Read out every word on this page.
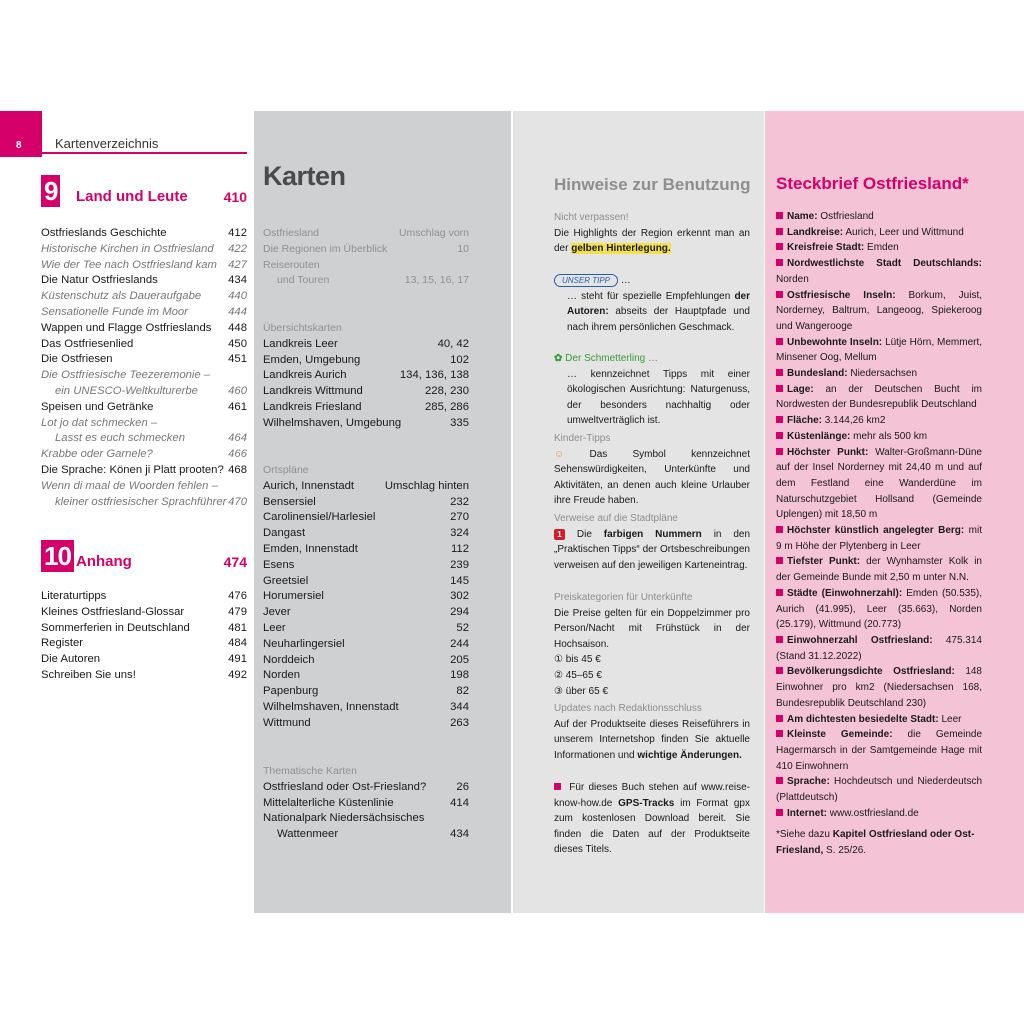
8	Kartenverzeichnis
9 Land und Leute	410
Ostfrieslands Geschichte	412
Historische Kirchen in Ostfriesland 422
Wie der Tee nach Ostfriesland kam 427
Die Natur Ostfrieslands	434
Küstenschutz als Daueraufgabe 440
Sensationelle Funde im Moor	444
Wappen und Flagge Ostfrieslands 448
Das Ostfriesenlied	450
Die Ostfriesen	451
Die Ostfriesische Teezeremonie –
ein UNESCO-Weltkulturerbe	460
Speisen und Getränke	461
Lot jo dat schmecken –
Lasst es euch schmecken	464
Krabbe oder Garnele?	466
Die Sprache: Könen ji Platt prooten? 468
Wenn di maal de Woorden fehlen –
kleiner ostfriesischer Sprachführer 470
10 Anhang	474
Literaturtipps	476
Kleines Ostfriesland-Glossar	479
Sommerferien in Deutschland	481
Register	484
Die Autoren	491
Schreiben Sie uns!	492
Karten
Ostfriesland	Umschlag vorn
Die Regionen im Überblick	10
Reiserouten
und Touren	13, 15, 16, 17
Übersichtskarten
Landkreis Leer	40, 42
Emden, Umgebung	102
Landkreis Aurich	134, 136, 138
Landkreis Wittmund	228, 230
Landkreis Friesland	285, 286
Wilhelmshaven, Umgebung	335
Ortspläne
Aurich, Innenstadt	Umschlag hinten
Bensersiel	232
Carolinensiel/Harlesiel	270
Dangast	324
Emden, Innenstadt	112
Esens	239
Greetsiel	145
Horumersiel	302
Jever	294
Leer	52
Neuharlingersiel	244
Norddeich	205
Norden	198
Papenburg	82
Wilhelmshaven, Innenstadt	344
Wittmund	263
Thematische Karten
Ostfriesland oder Ost-Friesland?	26
Mittelalterliche Küstenlinie	414
Nationalpark Niedersächsisches
Wattenmeer	434
Hinweise zur Benutzung
Nicht verpassen!
Die Highlights der Region erkennt man an der gelben Hinterlegung.
UNSER TIPP …
… steht für spezielle Empfehlungen der Autoren: abseits der Hauptpfade und nach ihrem persönlichen Geschmack.
✿ Der Schmetterling …
… kennzeichnet Tipps mit einer ökologischen Ausrichtung: Naturgenuss, der besonders nachhaltig oder umweltverträglich ist.
Kinder-Tipps
☺	Das Symbol kennzeichnet Sehenswürdigkeiten, Unterkünfte und Aktivitäten, an denen auch kleine Urlauber ihre Freude haben.
Verweise auf die Stadtpläne
1 Die farbigen Nummern in den „Praktischen Tipps“ der Ortsbeschreibungen verweisen auf den jeweiligen Karteneintrag.
Preiskategorien für Unterkünfte
Die Preise gelten für ein Doppelzimmer pro Person/Nacht mit Frühstück in der Hochsaison.
① bis 45 €
② 45–65 €
③ über 65 €
Updates nach Redaktionsschluss
Auf der Produktseite dieses Reiseführers in unserem Internetshop finden Sie aktuelle Informationen und wichtige Änderungen.
Für dieses Buch stehen auf www.reise-know-how.de GPS-Tracks im Format gpx zum kostenlosen Download bereit. Sie finden die Daten auf der Produktseite dieses Titels.
Steckbrief Ostfriesland*
Name: Ostfriesland
Landkreise: Aurich, Leer und Wittmund
Kreisfreie Stadt: Emden
Nordwestlichste Stadt Deutschlands: Norden
Ostfriesische Inseln: Borkum, Juist, Norderney, Baltrum, Langeoog, Spiekeroog und Wangerooge
Unbewohnte Inseln: Lütje Hörn, Memmert, Minsener Oog, Mellum
Bundesland: Niedersachsen
Lage: an der Deutschen Bucht im Nordwesten der Bundesrepublik Deutschland
Fläche: 3.144,26 km2
Küstenlänge: mehr als 500 km
Höchster Punkt: Walter-Großmann-Düne auf der Insel Norderney mit 24,40 m und auf dem Festland eine Wanderdüne im Naturschutzgebiet Hollsand (Gemeinde Uplengen) mit 18,50 m
Höchster künstlich angelegter Berg: mit 9 m Höhe der Plytenberg in Leer
Tiefster Punkt: der Wynhamster Kolk in der Gemeinde Bunde mit 2,50 m unter N.N.
Städte (Einwohnerzahl): Emden (50.535), Aurich (41.995), Leer (35.663), Norden (25.179), Wittmund (20.773)
Einwohnerzahl Ostfriesland: 475.314 (Stand 31.12.2022)
Bevölkerungsdichte Ostfriesland: 148 Einwohner pro km2 (Niedersachsen 168, Bundesrepublik Deutschland 230)
Am dichtesten besiedelte Stadt: Leer
Kleinste Gemeinde: die Gemeinde Hagermarsch in der Samtgemeinde Hage mit 410 Einwohnern
Sprache: Hochdeutsch und Niederdeutsch (Plattdeutsch)
Internet: www.ostfriesland.de
*Siehe dazu Kapitel Ostfriesland oder Ost-Friesland, S. 25/26.
